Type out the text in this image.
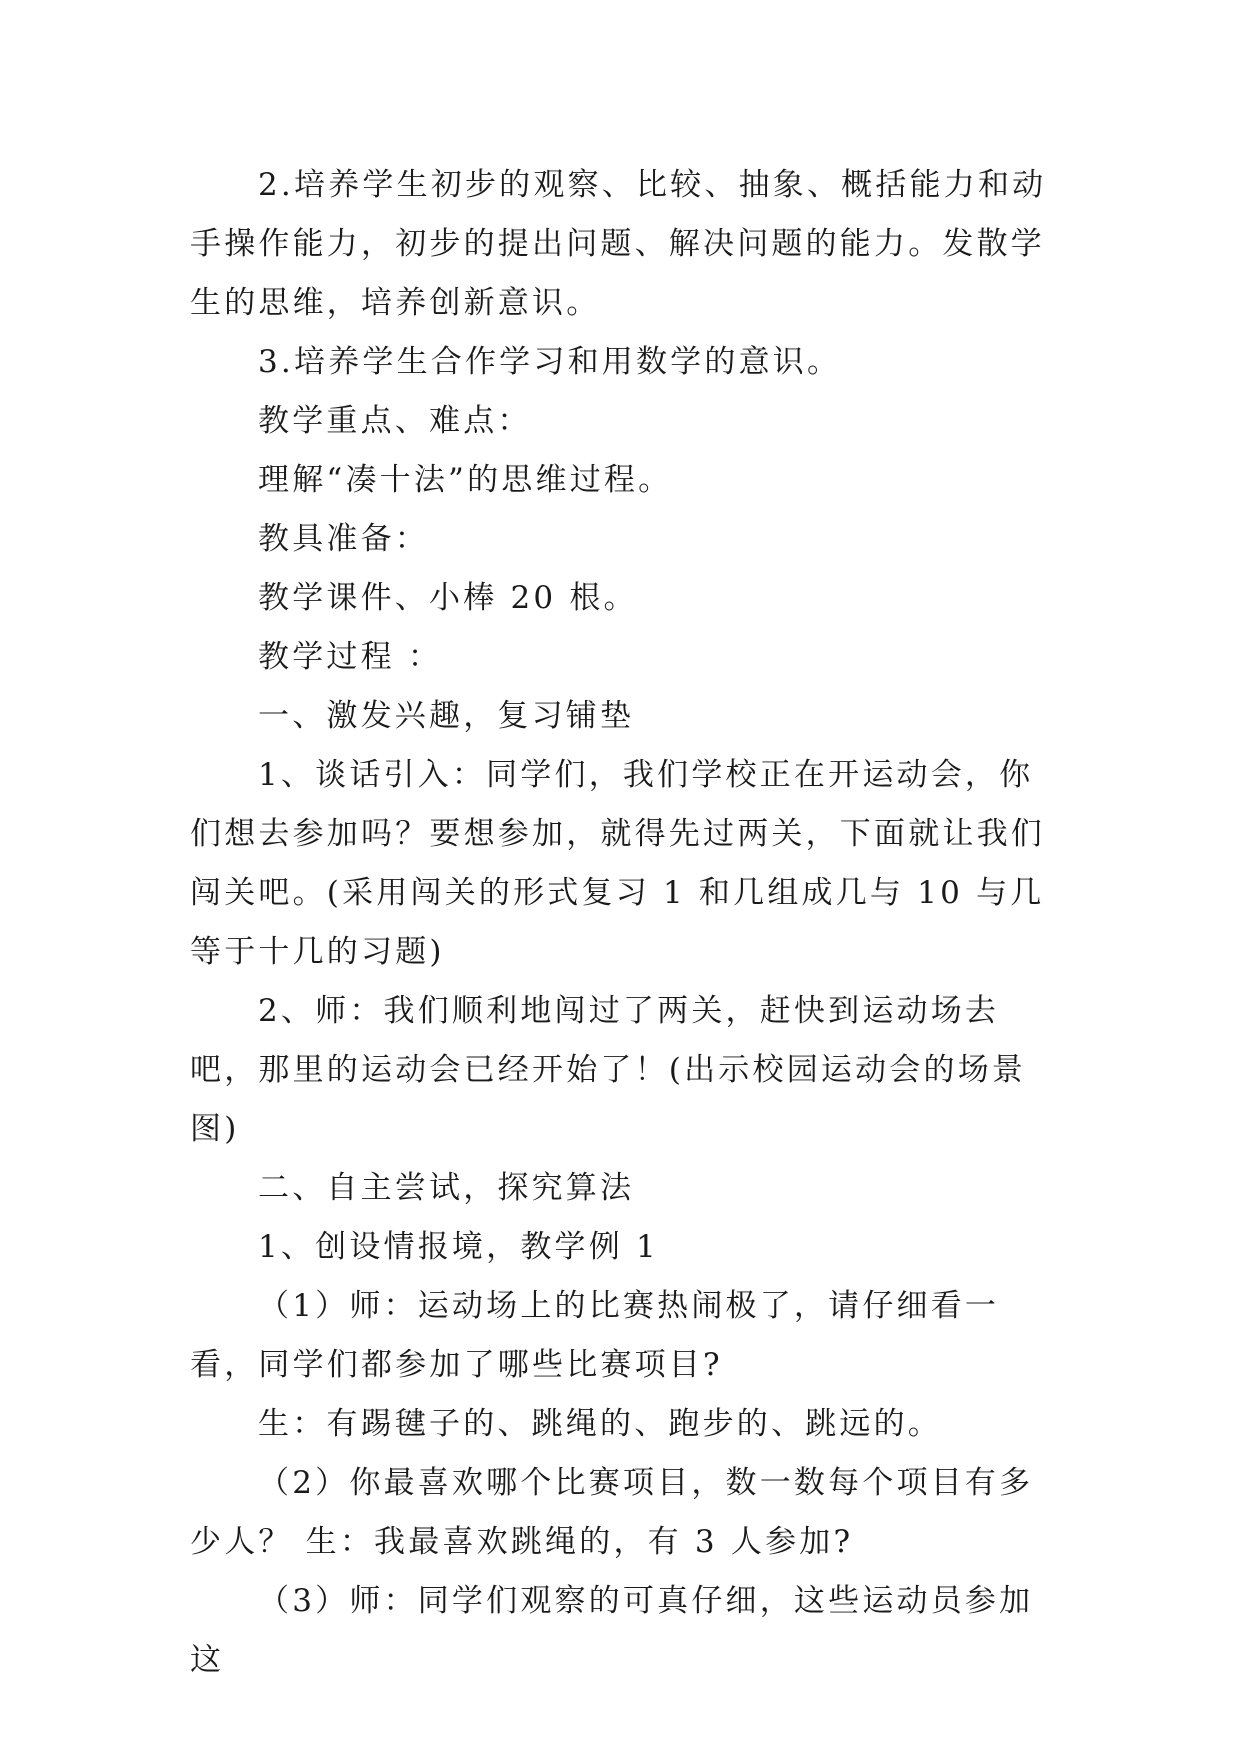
2.培养学生初步的观察、比较、抽象、概括能力和动手操作能力，初步的提出问题、解决问题的能力。发散学生的思维，培养创新意识。

3.培养学生合作学习和用数学的意识。

教学重点、难点：

理解“凑十法”的思维过程。

教具准备：

教学课件、小棒 20 根。

教学过程 ：

一、激发兴趣，复习铺垫

1、谈话引入：同学们，我们学校正在开运动会，你们想去参加吗？要想参加，就得先过两关，下面就让我们闯关吧。(采用闯关的形式复习 1 和几组成几与 10 与几等于十几的习题)

2、师：我们顺利地闯过了两关，赶快到运动场去吧，那里的运动会已经开始了！(出示校园运动会的场景图)

二、自主尝试，探究算法

1、创设情报境，教学例 1

（1）师：运动场上的比赛热闹极了，请仔细看一看，同学们都参加了哪些比赛项目?

生：有踢毽子的、跳绳的、跑步的、跳远的。

（2）你最喜欢哪个比赛项目，数一数每个项目有多少人？ 生：我最喜欢跳绳的，有 3 人参加?

（3）师：同学们观察的可真仔细，这些运动员参加这
